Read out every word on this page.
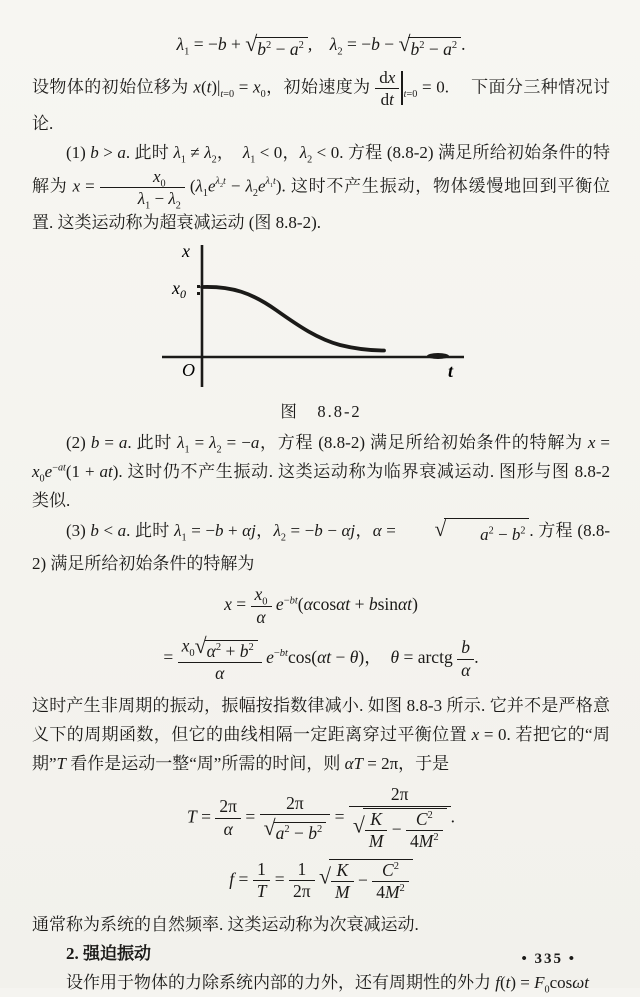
$\lambda_1 = -b$ + √ $b^2 - a^2$ ,  $\lambda_2 = -b$ − √ $b^2 - a^2$ .

设物体的初始位移为 $x(t)|_{t=0} = x_0$，初始速度为 $\frac{dx}{dt} _{t=0} = 0$. 　下面分三种情况讨论.

(1) b > a. 此时 $\lambda_1 \ne \lambda_2$，　$\lambda_1 < 0$，$\lambda_2 < 0$. 方程 (8.8-2) 满足所给初始条件的特解为 $x = \frac{x_0}{\lambda_1 - \lambda_2} (\lambda_1e^{\lambda_2t} - \lambda_2e^{\lambda_1t})$. 这时不产生振动，物体缓慢地回到平衡位置. 这类运动称为超衰减运动 (图 8.8-2).

x
$x_0$
O	t
图　8.8-2

(2) b = a. 此时 $\lambda_1 = \lambda_2 = -a$，方程 (8.8-2) 满足所给初始条件的特解为 $x = x_0e^{-at}(1 + at)$. 这时仍不产生振动. 这类运动称为临界衰减运动. 图形与图 8.8-2 类似.

(3) b < a. 此时 $\lambda_1 = -b + \alpha j$，$\lambda_2 = -b - \alpha j$，α = √ $a^2 - b^2$ . 方程 (8.8-2) 满足所给初始条件的特解为

$x = \frac{x_0}{\alpha} e^{-bt}(\alpha\cos\alpha t + bsin\alpha t)$
= $\frac{x_0√ \alpha^2 + b^2}{\alpha} e^{-bt}\cos(\alpha t - \theta)$， θ = arctg $\frac{b}{\alpha}$ .

这时产生非周期的振动，振幅按指数律减小. 如图 8.8-3 所示. 它并不是严格意义下的周期函数，但它的曲线相隔一定距离穿过平衡位置 x = 0. 若把它的“周期”T 看作是运动一整“周”所需的时间，则 αT = 2π，于是

$T = \frac{2\pi}{\alpha} = \frac{2\pi}{√ a^2 - b^2} = \frac{2\pi}{√ \frac{K}{M} - \frac{C^2}{4M^2}}$ .
$f = \frac{1}{T} = \frac{1}{2\pi}$ √ $\frac{K}{M} - \frac{C^2}{4M^2}$

通常称为系统的自然频率. 这类运动称为次衰减运动.

2. 强迫振动

设作用于物体的力除系统内部的力外，还有周期性的外力 $f(t) = F_0\cos\omega t$

• 335 •
